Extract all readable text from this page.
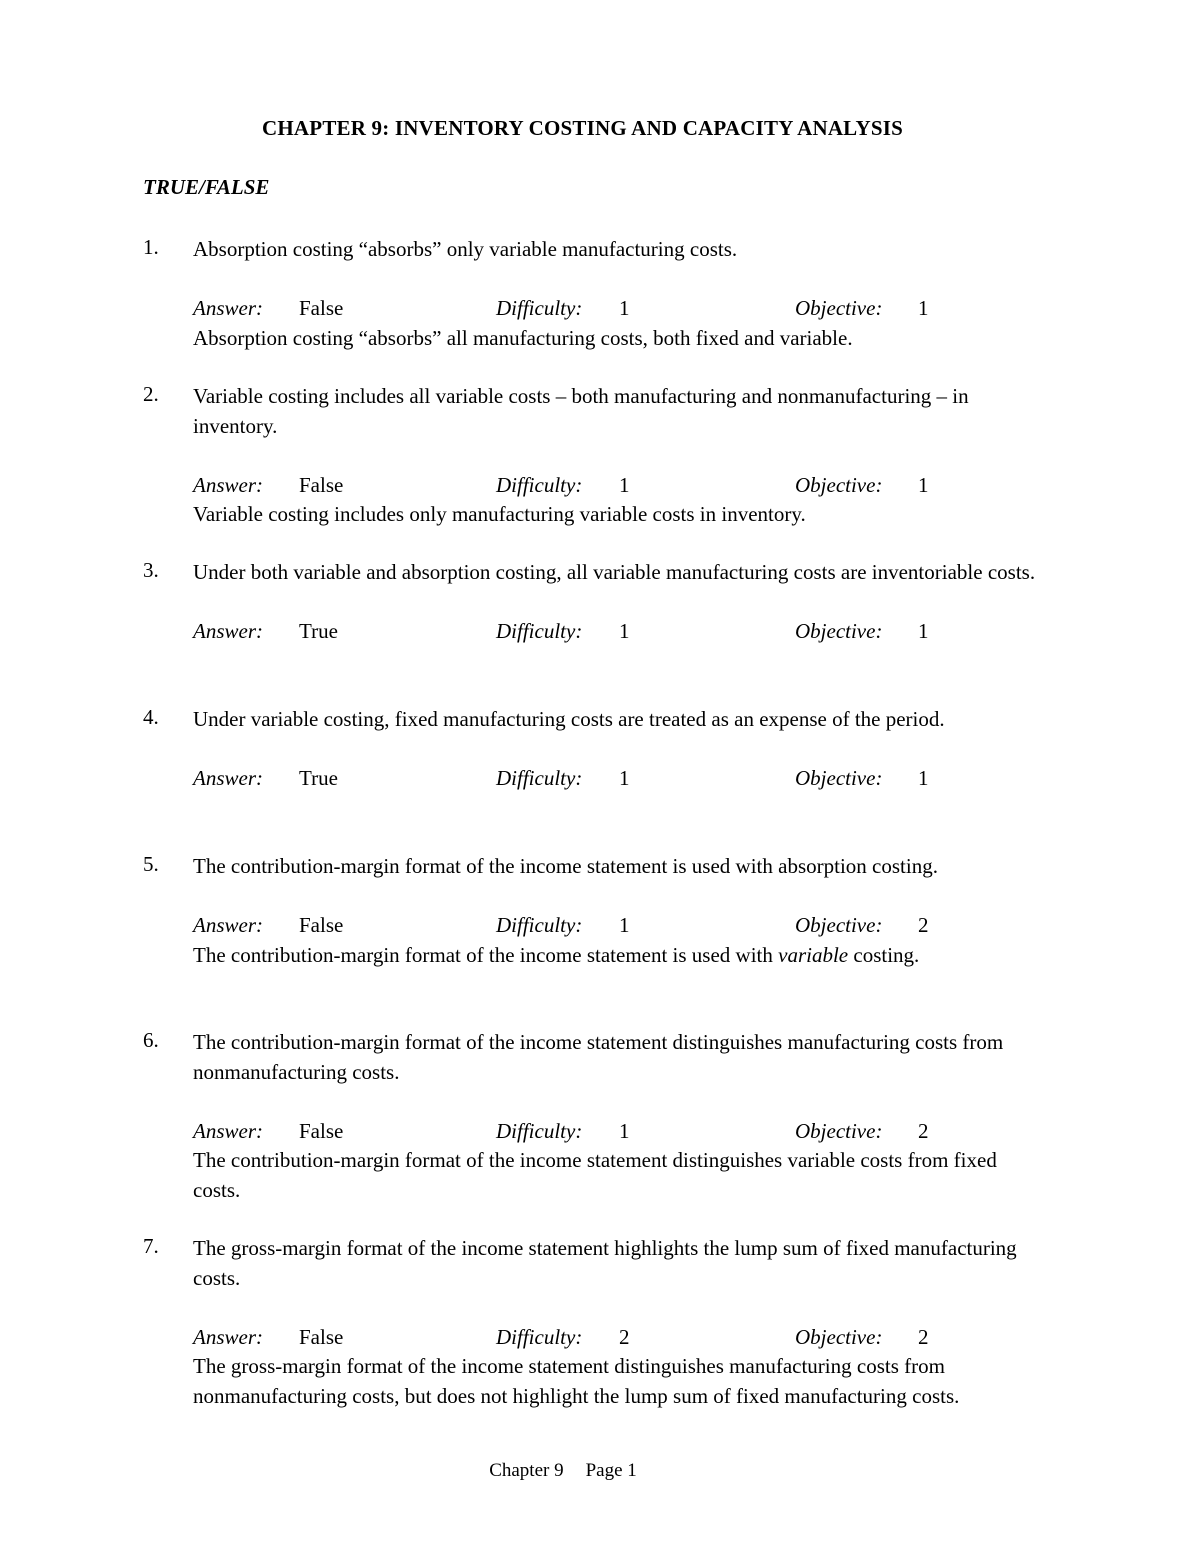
CHAPTER 9: INVENTORY COSTING AND CAPACITY ANALYSIS
TRUE/FALSE
1. Absorption costing “absorbs” only variable manufacturing costs.

Answer: False	Difficulty: 1	Objective: 1

Absorption costing “absorbs” all manufacturing costs, both fixed and variable.

2. Variable costing includes all variable costs – both manufacturing and nonmanufacturing – in inventory.

Answer: False	Difficulty: 1	Objective: 1

Variable costing includes only manufacturing variable costs in inventory.

3. Under both variable and absorption costing, all variable manufacturing costs are inventoriable costs.

Answer: True	Difficulty: 1	Objective: 1
4. Under variable costing, fixed manufacturing costs are treated as an expense of the period.

Answer: True	Difficulty: 1	Objective: 1
5. The contribution-margin format of the income statement is used with absorption costing.

Answer: False	Difficulty: 1	Objective: 2

The contribution-margin format of the income statement is used with variable costing.

6. The contribution-margin format of the income statement distinguishes manufacturing costs from nonmanufacturing costs.

Answer: False	Difficulty: 1	Objective: 2

The contribution-margin format of the income statement distinguishes variable costs from fixed costs.

7. The gross-margin format of the income statement highlights the lump sum of fixed manufacturing costs.

Answer: False	Difficulty: 2	Objective: 2

The gross-margin format of the income statement distinguishes manufacturing costs from nonmanufacturing costs, but does not highlight the lump sum of fixed manufacturing costs.

Chapter 9 Page 1
